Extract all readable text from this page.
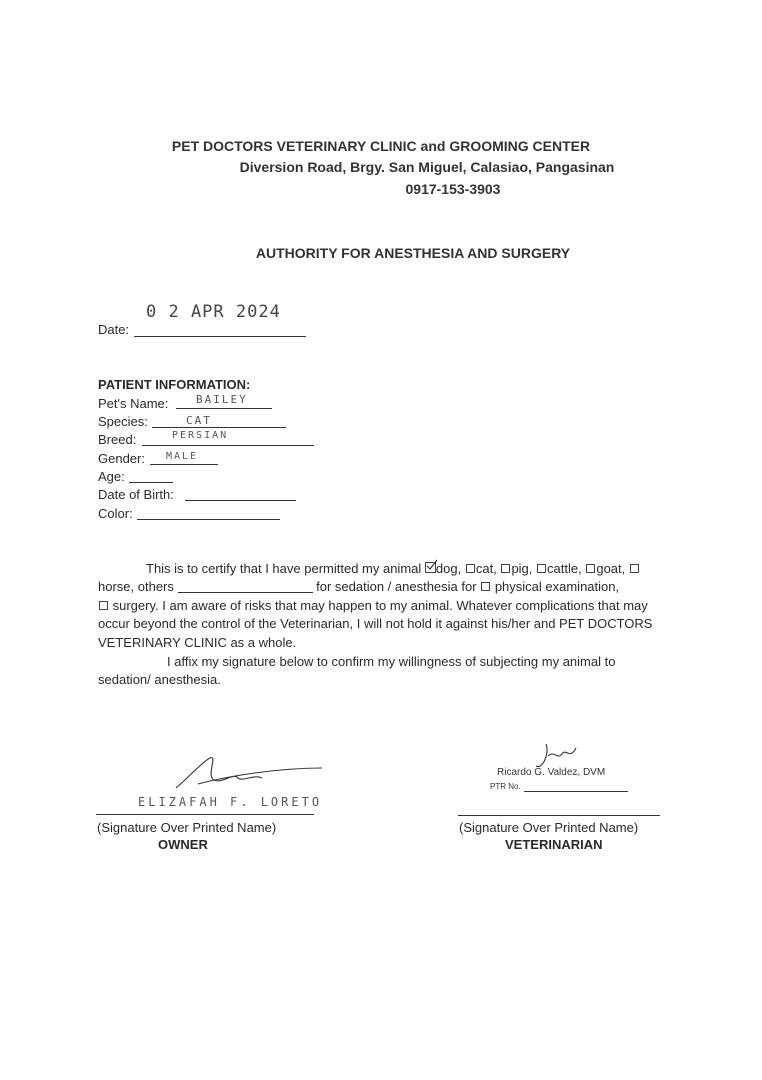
PET DOCTORS VETERINARY CLINIC and GROOMING CENTER
Diversion Road, Brgy. San Miguel, Calasiao, Pangasinan
0917-153-3903
AUTHORITY FOR ANESTHESIA AND SURGERY
0 2 APR 2024
Date:
PATIENT INFORMATION:
Pet's Name:	BAILEY
Species:	CAT
Breed:	PERSIAN
Gender: MALE
Age:
Date of Birth:
Color:
This is to certify that I have permitted my animal dog, cat, pig, cattle, goat,
horse, others	for sedation / anesthesia for physical examination,
surgery. I am aware of risks that may happen to my animal. Whatever complications that may
occur beyond the control of the Veterinarian, I will not hold it against his/her and PET DOCTORS
VETERINARY CLINIC as a whole.
I affix my signature below to confirm my willingness of subjecting my animal to
sedation/ anesthesia.
ELIZAFAH F. LORETO
(Signature Over Printed Name)
OWNER
Ricardo G. Valdez, DVM
PTR No.
(Signature Over Printed Name)
VETERINARIAN
